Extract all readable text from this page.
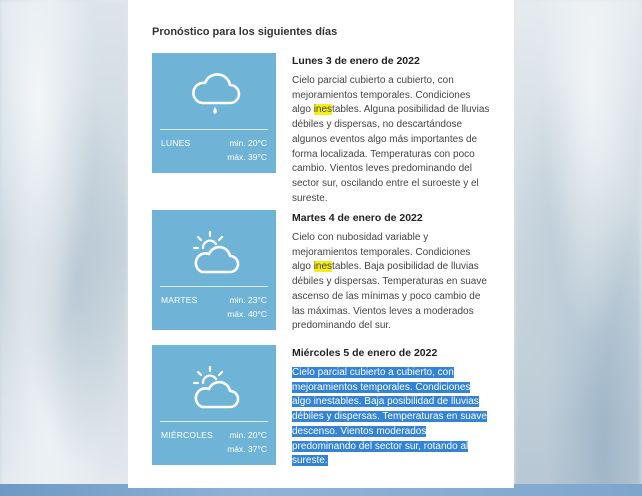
Pronóstico para los siguientes días
LUNES	min. 20°C
máx. 39°C
Lunes 3 de enero de 2022
Cielo parcial cubierto a cubierto, con mejoramientos temporales. Condiciones algo inestables. Alguna posibilidad de lluvias débiles y dispersas, no descartándose algunos eventos algo más importantes de forma localizada. Temperaturas con poco cambio. Vientos leves predominando del sector sur, oscilando entre el suroeste y el sureste.
MARTES	min. 23°C
máx. 40°C
Martes 4 de enero de 2022
Cielo con nubosidad variable y mejoramientos temporales. Condiciones algo inestables. Baja posibilidad de lluvias débiles y dispersas. Temperaturas en suave ascenso de las mínimas y poco cambio de las máximas. Vientos leves a moderados predominando del sur.
MIÉRCOLES min. 20°C
máx. 37°C
Miércoles 5 de enero de 2022
Cielo parcial cubierto a cubierto, con mejoramientos temporales. Condiciones algo inestables. Baja posibilidad de lluvias débiles y dispersas. Temperaturas en suave descenso. Vientos moderados predominando del sector sur, rotando al sureste.
